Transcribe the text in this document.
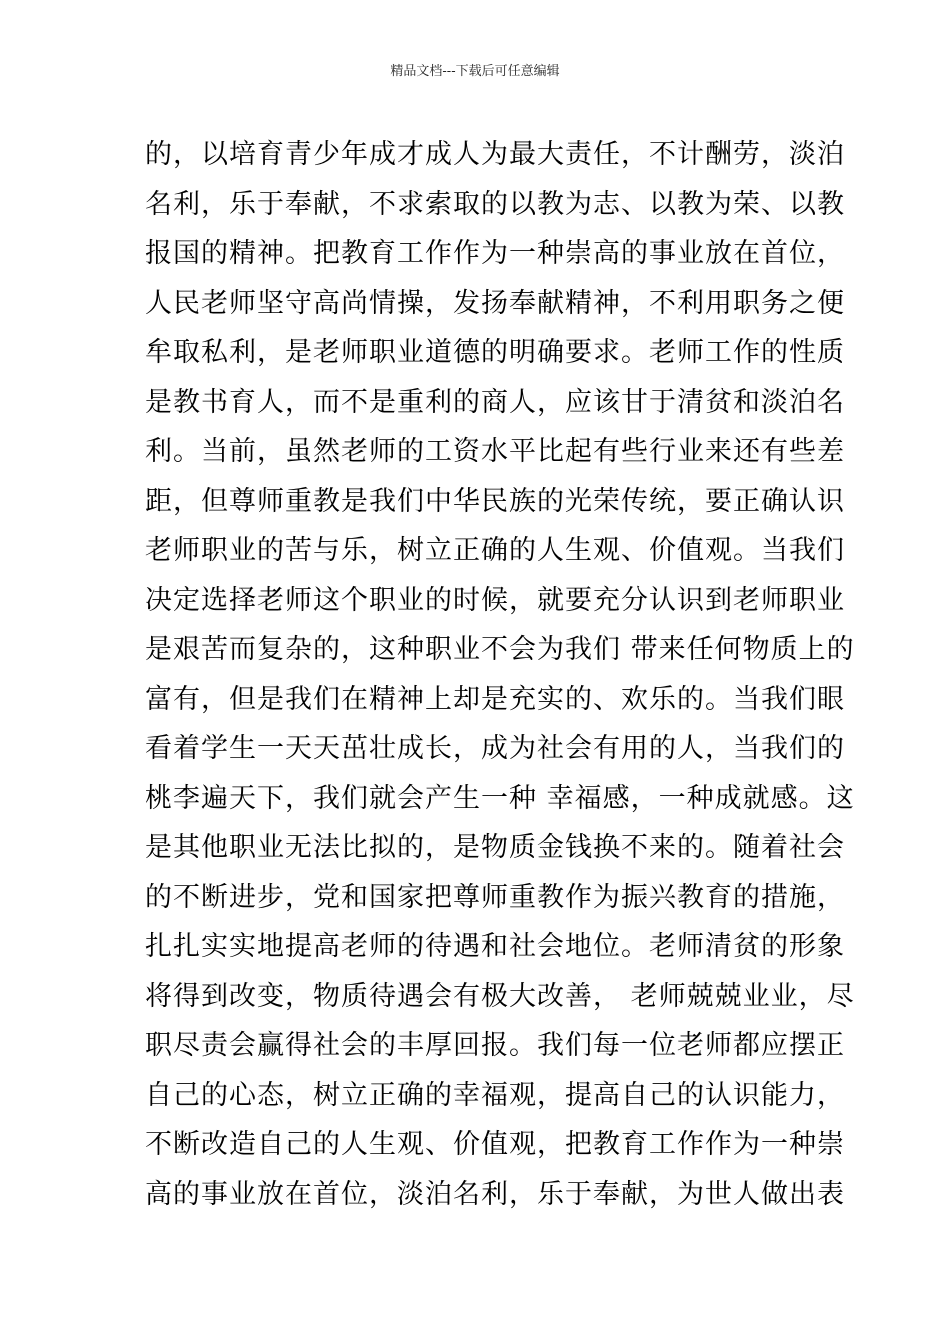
精品文档---下载后可任意编辑
的，以培育青少年成才成人为最大责任，不计酬劳，淡泊
名利，乐于奉献，不求索取的以教为志、以教为荣、以教
报国的精神。把教育工作作为一种崇高的事业放在首位，
人民老师坚守高尚情操，发扬奉献精神，不利用职务之便
牟取私利，是老师职业道德的明确要求。老师工作的性质
是教书育人，而不是重利的商人，应该甘于清贫和淡泊名
利。当前，虽然老师的工资水平比起有些行业来还有些差
距，但尊师重教是我们中华民族的光荣传统，要正确认识
老师职业的苦与乐，树立正确的人生观、价值观。当我们
决定选择老师这个职业的时候，就要充分认识到老师职业
是艰苦而复杂的，这种职业不会为我们 带来任何物质上的
富有，但是我们在精神上却是充实的、欢乐的。当我们眼
看着学生一天天茁壮成长，成为社会有用的人，当我们的
桃李遍天下，我们就会产生一种 幸福感，一种成就感。这
是其他职业无法比拟的，是物质金钱换不来的。随着社会
的不断进步，党和国家把尊师重教作为振兴教育的措施，
扎扎实实地提高老师的待遇和社会地位。老师清贫的形象
将得到改变，物质待遇会有极大改善， 老师兢兢业业，尽
职尽责会赢得社会的丰厚回报。我们每一位老师都应摆正
自己的心态，树立正确的幸福观，提高自己的认识能力，
不断改造自己的人生观、价值观，把教育工作作为一种崇
高的事业放在首位，淡泊名利，乐于奉献，为世人做出表
